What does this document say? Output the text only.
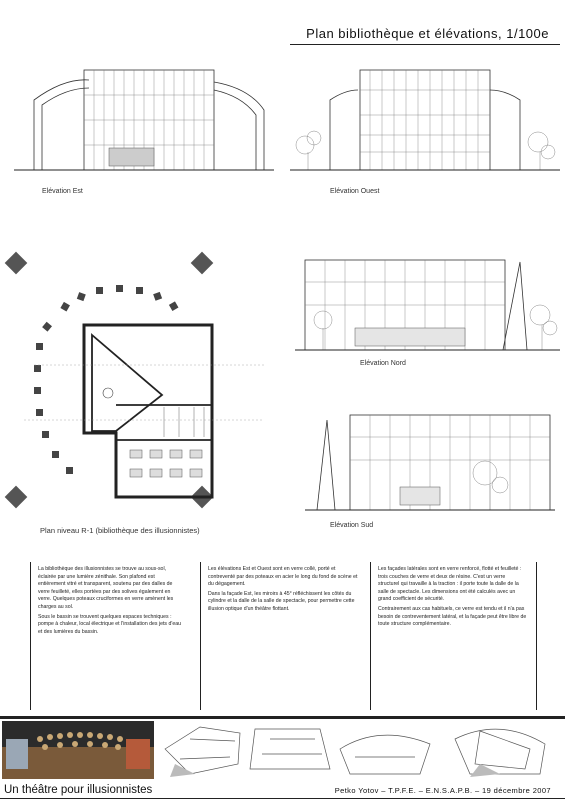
Plan bibliothèque et élévations, 1/100e
Elévation Est	Elévation Ouest
Plan niveau R-1 (bibliothèque des illusionnistes)
Elévation Nord
Elévation Sud

La bibliothèque des illusionnistes se trouve au sous-sol, éclairée par une lumière zénithale. Son plafond est entièrement vitré et transparent, soutenu par des dalles de verre feuilleté, elles portées par des solives également en verre. Quelques poteaux cruciformes en verre amènent les charges au sol.

Sous le bassin se trouvent quelques espaces techniques : pompe à chaleur, local électrique et l'installation des jets d'eau et des lumières du bassin.

Les élévations Est et Ouest sont en verre collé, porté et contreventé par des poteaux en acier le long du fond de scène et du dégagement.

Dans la façade Est, les miroirs à 45° réfléchissent les côtés du cylindre et la dalle de la salle de spectacle, pour permettre cette illusion optique d'un théâtre flottant.

Les façades latérales sont en verre renforcé, flotté et feuilleté : trois couches de verre et deux de résine. C'est un verre structurel qui travaille à la traction : il porte toute la dalle de la salle de spectacle. Les dimensions ont été calculés avec un grand coefficient de sécurité.

Contrairement aux cas habituels, ce verre est tendu et il n'a pas besoin de contreventement latéral, et la façade peut être libre de toute structure complémentaire.

Un théâtre pour illusionnistes	Petko Yotov – T.P.F.E. – E.N.S.A.P.B. – 19 décembre 2007
